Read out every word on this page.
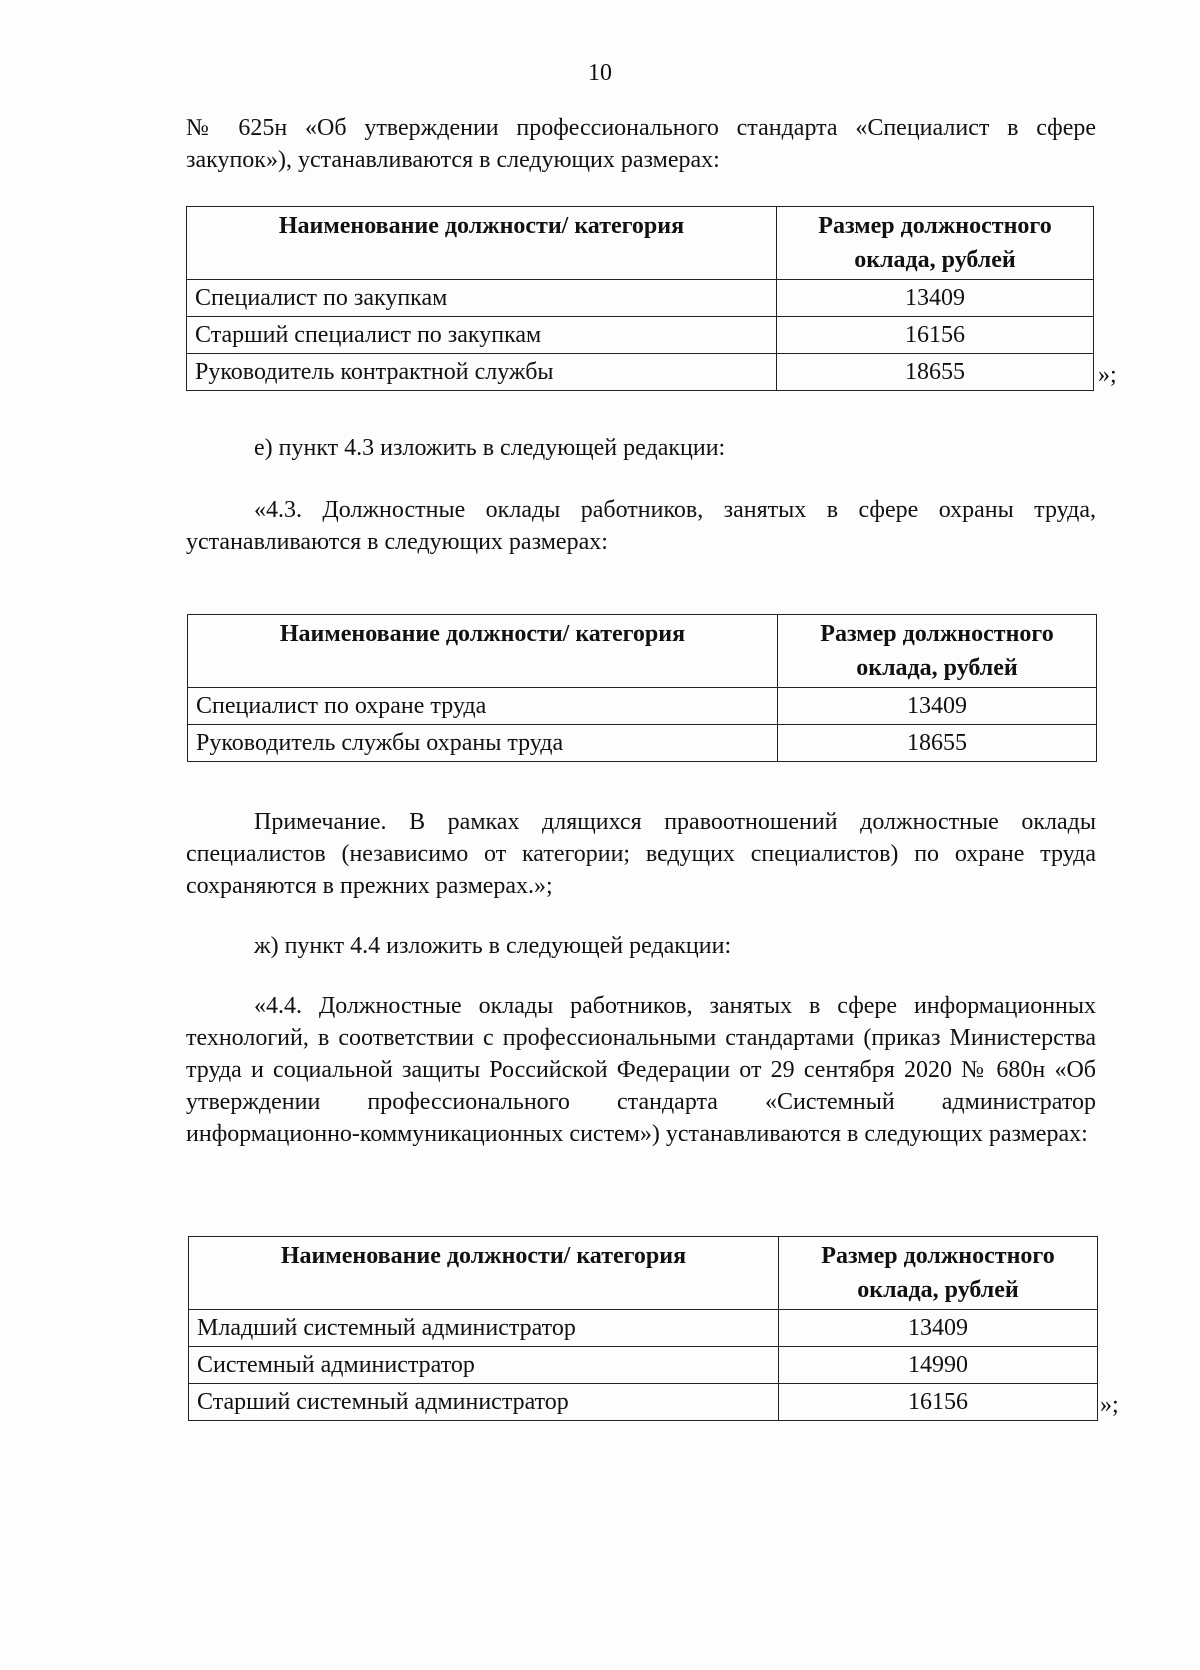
10
№ 625н «Об утверждении профессионального стандарта «Специалист в сфере закупок»), устанавливаются в следующих размерах:
Наименование должности/ категория	Размер должностного
оклада, рублей
Специалист по закупкам	13409
Старший специалист по закупкам	16156
Руководитель контрактной службы	18655	»;
е) пункт 4.3 изложить в следующей редакции:
«4.3. Должностные оклады работников, занятых в сфере охраны труда, устанавливаются в следующих размерах:
Наименование должности/ категория	Размер должностного
оклада, рублей
Специалист по охране труда	13409
Руководитель службы охраны труда	18655
Примечание. В рамках длящихся правоотношений должностные оклады специалистов (независимо от категории; ведущих специалистов) по охране труда сохраняются в прежних размерах.»;
ж) пункт 4.4 изложить в следующей редакции:
«4.4. Должностные оклады работников, занятых в сфере информационных технологий, в соответствии с профессиональными стандартами (приказ Министерства труда и социальной защиты Российской Федерации от 29 сентября 2020 № 680н «Об утверждении профессионального стандарта «Системный администратор информационно-коммуникационных систем») устанавливаются в следующих размерах:
Наименование должности/ категория	Размер должностного
оклада, рублей
Младший системный администратор	13409
Системный администратор	14990
Старший системный администратор	16156	»;
